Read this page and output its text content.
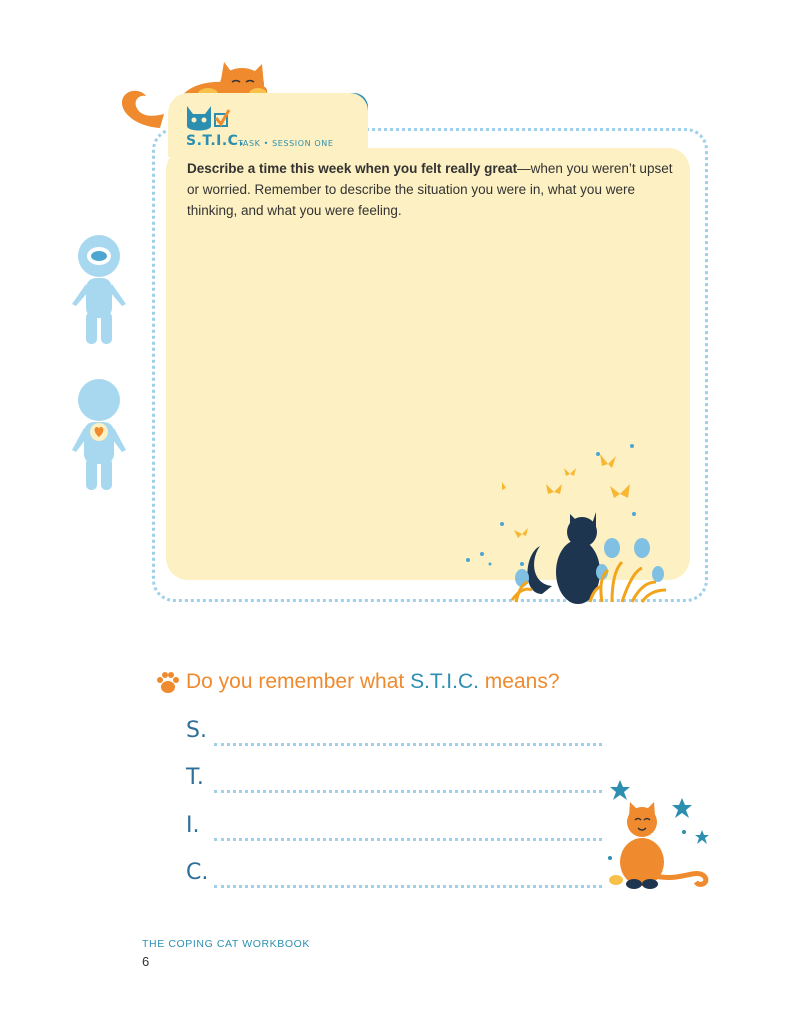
S.T.I.C.
TASK • SESSION ONE
Describe a time this week when you felt really great—when you weren’t upset or worried. Remember to describe the situation you were in, what you were thinking, and what you were feeling.
Do you remember what S.T.I.C. means?
S.
T.
I.
C.
THE COPING CAT WORKBOOK
6
